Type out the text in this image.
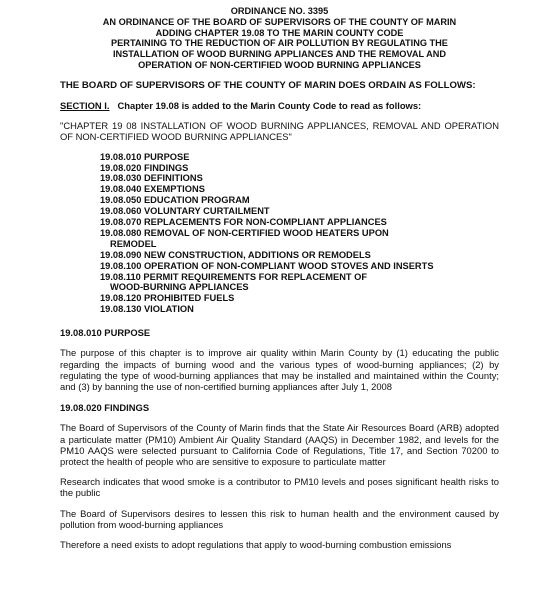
ORDINANCE NO. 3395
AN ORDINANCE OF THE BOARD OF SUPERVISORS OF THE COUNTY OF MARIN
ADDING CHAPTER 19.08 TO THE MARIN COUNTY CODE
PERTAINING TO THE REDUCTION OF AIR POLLUTION BY REGULATING THE
INSTALLATION OF WOOD BURNING APPLIANCES AND THE REMOVAL AND
OPERATION OF NON-CERTIFIED WOOD BURNING APPLIANCES
THE BOARD OF SUPERVISORS OF THE COUNTY OF MARIN DOES ORDAIN AS FOLLOWS:
SECTION I. Chapter 19.08 is added to the Marin County Code to read as follows:
"CHAPTER 19 08 INSTALLATION OF WOOD BURNING APPLIANCES, REMOVAL AND OPERATION OF NON-CERTIFIED WOOD BURNING APPLIANCES"
19.08.010 PURPOSE
19.08.020 FINDINGS
19.08.030 DEFINITIONS
19.08.040 EXEMPTIONS
19.08.050 EDUCATION PROGRAM
19.08.060 VOLUNTARY CURTAILMENT
19.08.070 REPLACEMENTS FOR NON-COMPLIANT APPLIANCES
19.08.080 REMOVAL OF NON-CERTIFIED WOOD HEATERS UPON
REMODEL
19.08.090 NEW CONSTRUCTION, ADDITIONS OR REMODELS
19.08.100 OPERATION OF NON-COMPLIANT WOOD STOVES AND INSERTS
19.08.110 PERMIT REQUIREMENTS FOR REPLACEMENT OF
WOOD-BURNING APPLIANCES
19.08.120 PROHIBITED FUELS
19.08.130 VIOLATION
19.08.010 PURPOSE
The purpose of this chapter is to improve air quality within Marin County by (1) educating the public regarding the impacts of burning wood and the various types of wood-burning appliances; (2) by regulating the type of wood-burning appliances that may be installed and maintained within the County; and (3) by banning the use of non-certified burning appliances after July 1, 2008
19.08.020 FINDINGS
The Board of Supervisors of the County of Marin finds that the State Air Resources Board (ARB) adopted a particulate matter (PM10) Ambient Air Quality Standard (AAQS) in December 1982, and levels for the PM10 AAQS were selected pursuant to California Code of Regulations, Title 17, and Section 70200 to protect the health of people who are sensitive to exposure to particulate matter
Research indicates that wood smoke is a contributor to PM10 levels and poses significant health risks to the public
The Board of Supervisors desires to lessen this risk to human health and the environment caused by pollution from wood-burning appliances
Therefore a need exists to adopt regulations that apply to wood-burning combustion emissions
